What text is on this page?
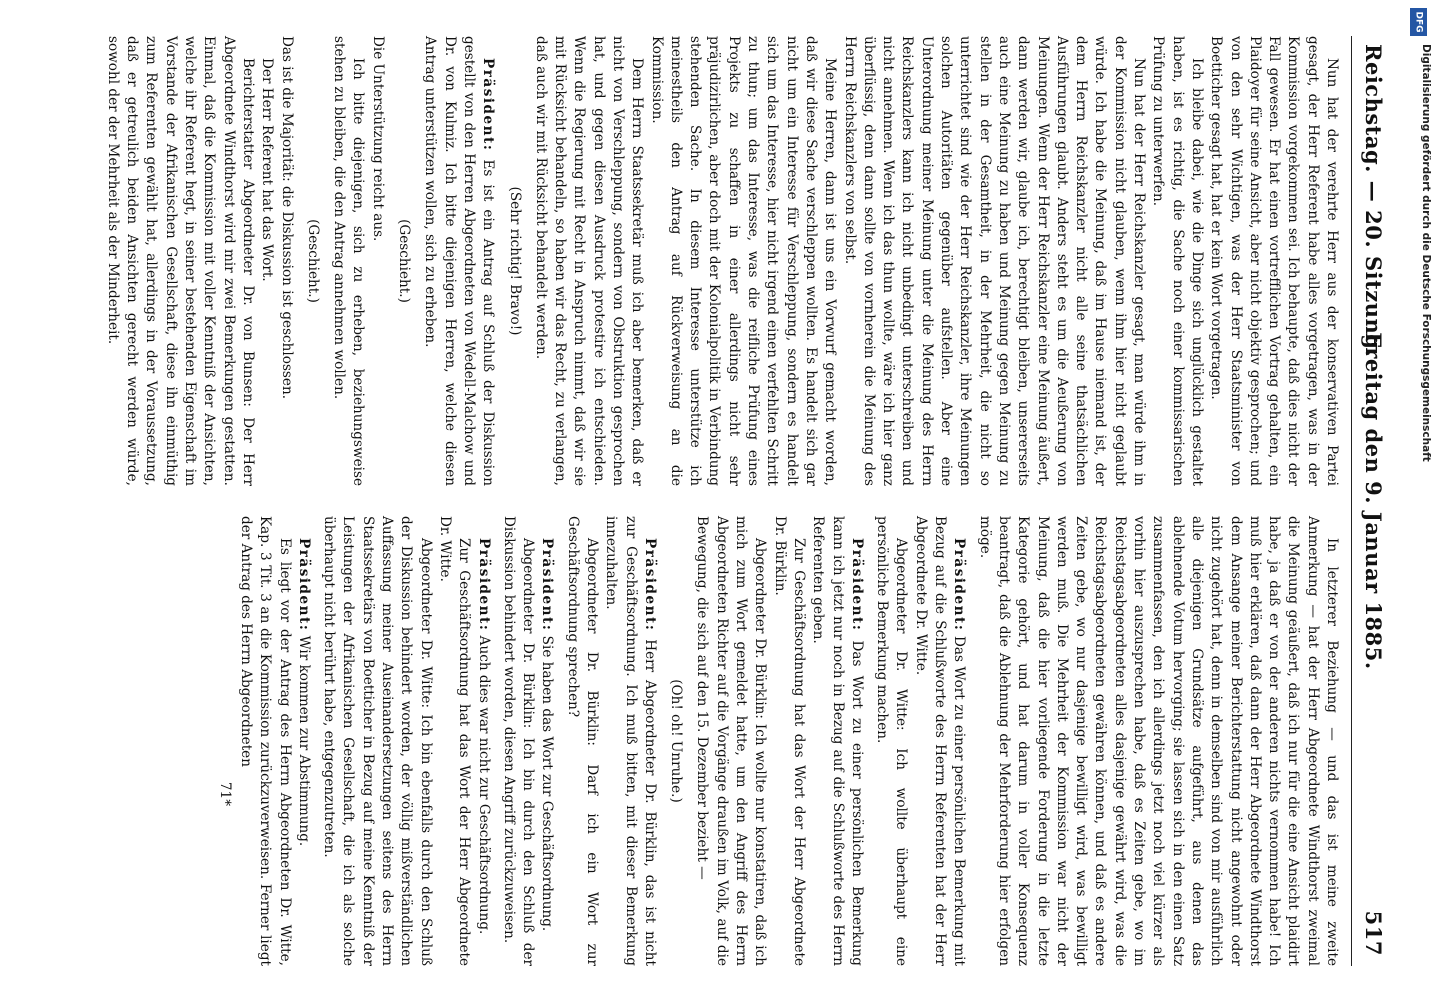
Reichstag. — 20. Sitzung.
Freitag den 9. Januar 1885.
517

Nun hat der verehrte Herr aus der konservativen Partei gesagt, der Herr Referent habe alles vorgetragen, was in der Kommission vorgekommen sei. Ich behaupte, daß dies nicht der Fall gewesen. Er hat einen vortrefflichen Vortrag gehalten, ein Plaidoyer für seine Ansicht, aber nicht objektiv gesprochen; und von den sehr Wichtigen, was der Herr Staatsminister von Boetticher gesagt hat, hat er kein Wort vorgetragen.

Ich bleibe dabei, wie die Dinge sich unglücklich gestaltet haben, ist es richtig, die Sache noch einer kommissarischen Prüfung zu unterwerfen.

Nun hat der Herr Reichskanzler gesagt, man würde ihm in der Kommission nicht glauben, wenn ihm hier nicht geglaubt würde. Ich habe die Meinung, daß im Hause niemand ist, der dem Herrn Reichskanzler nicht alle seine thatsächlichen Ausführungen glaubt. Anders steht es um die Aeußerung von Meinungen. Wenn der Herr Reichskanzler eine Meinung äußert, dann werden wir, glaube ich, berechtigt bleiben, unsererseits auch eine Meinung zu haben und Meinung gegen Meinung zu stellen in der Gesamtheit, in der Mehrheit, die nicht so unterrichtet sind wie der Herr Reichskanzler, ihre Meinungen solchen Autoritäten gegenüber aufstellen. Aber eine Unterordnung meiner Meinung unter die Meinung des Herrn Reichskanzlers kann ich nicht unbedingt unterschreiben und nicht annehmen. Wenn ich das thun wollte, wäre ich hier ganz überflüssig, denn dann sollte von vornherein die Meinung des Herrn Reichskanzlers von selbst.

Meine Herren, dann ist uns ein Vorwurf gemacht worden, daß wir diese Sache verschleppen wollten. Es handelt sich gar nicht um ein Interesse für Verschleppung, sondern es handelt sich um das Interesse, hier nicht irgend einen verfehlten Schritt zu thun; um das Interesse, was die reifliche Prüfung eines Projekts zu schaffen in einer allerdings nicht sehr präjudizirlichen, aber doch mit der Kolonialpolitik in Verbindung stehenden Sache. In diesem Interesse unterstütze ich meinestheils den Antrag auf Rückverweisung an die Kommission.

Dem Herrn Staatssekretär muß ich aber bemerken, daß er nicht von Verschleppung, sondern von Obstruktion gesprochen hat, und gegen diesen Ausdruck protestire ich entschieden. Wenn die Regierung mit Recht in Anspruch nimmt, daß wir sie mit Rücksicht behandeln, so haben wir das Recht, zu verlangen, daß auch wir mit Rücksicht behandelt werden.

(Sehr richtig! Bravo!)

Präsident: Es ist ein Antrag auf Schluß der Diskussion gestellt von den Herren Abgeordneten von Wedell-Malchow und Dr. von Kulmiz. Ich bitte diejenigen Herren, welche diesen Antrag unterstützen wollen, sich zu erheben.

(Geschieht.)

Die Unterstützung reicht aus.

Ich bitte diejenigen, sich zu erheben, beziehungsweise stehen zu bleiben, die den Antrag annehmen wollen.

(Geschieht.)

Das ist die Majorität: die Diskussion ist geschlossen.

Der Herr Referent hat das Wort.

Berichterstatter Abgeordneter Dr. von Bunsen: Der Herr Abgeordnete Windthorst wird mir zwei Bemerkungen gestatten. Einmal, daß die Kommission mit voller Kenntniß der Ansichten, welche ihr Referent hegt, in seiner bestehenden Eigenschaft im Vorstande der Afrikanischen Gesellschaft, diese ihn einmüthig zum Referenten gewählt hat, allerdings in der Voraussetzung, daß er getreulich beiden Ansichten gerecht werden würde, sowohl der der Mehrheit als der Minderheit.

In letzterer Beziehung — und das ist meine zweite Anmerkung — hat der Herr Abgeordnete Windthorst zweimal die Meinung geäußert, daß ich nur für die eine Ansicht plaidirt habe, ja daß er von der anderen nichts vernommen habe! Ich muß hier erklären, daß dann der Herr Abgeordnete Windthorst dem Ansange meiner Berichterstattung nicht angewohnt oder nicht zugehört hat, denn in demselben sind von mir ausführlich alle diejenigen Grundsätze aufgeführt, aus denen das ablehnende Votum hervorging; sie lassen sich in den einen Satz zusammenfassen, den ich allerdings jetzt noch viel kürzer als vorhin hier auszusprechen habe, daß es Zeiten gebe, wo im Reichstagsabgeordneten alles dasjenige gewährt wird, was die Reichstagsabgeordneten gewähren können, und daß es andere Zeiten gebe, wo nur dasjenige bewilligt wird, was bewilligt werden muß. Die Mehrheit der Kommission war nicht der Meinung, daß die hier vorliegende Forderung in die letzte Kategorie gehört, und hat darum in voller Konsequenz beantragt, daß die Ablehnung der Mehrforderung hier erfolgen möge.

Präsident: Das Wort zu einer persönlichen Bemerkung mit Bezug auf die Schlußworte des Herrn Referenten hat der Herr Abgeordnete Dr. Witte.

Abgeordneter Dr. Witte: Ich wollte überhaupt eine persönliche Bemerkung machen.

Präsident: Das Wort zu einer persönlichen Bemerkung kann ich jetzt nur noch in Bezug auf die Schlußworte des Herrn Referenten geben.

Zur Geschäftsordnung hat das Wort der Herr Abgeordnete Dr. Bürklin.

Abgeordneter Dr. Bürklin: Ich wollte nur konstatiren, daß ich mich zum Wort gemeldet hatte, um den Angriff des Herrn Abgeordneten Richter auf die Vorgänge draußen im Volk, auf die Bewegung, die sich auf den 15. Dezember bezieht —

(Oh! oh! Unruhe.)

Präsident: Herr Abgeordneter Dr. Bürklin, das ist nicht zur Geschäftsordnung. Ich muß bitten, mit dieser Bemerkung innezuhalten.

Abgeordneter Dr. Bürklin: Darf ich ein Wort zur Geschäftsordnung sprechen?

Präsident: Sie haben das Wort zur Geschäftsordnung.

Abgeordneter Dr. Bürklin: Ich bin durch den Schluß der Diskussion behindert worden, diesen Angriff zurückzuweisen.

Präsident: Auch dies war nicht zur Geschäftsordnung.

Zur Geschäftsordnung hat das Wort der Herr Abgeordnete Dr. Witte.

Abgeordneter Dr. Witte: Ich bin ebenfalls durch den Schluß der Diskussion behindert worden, der völlig mißverständlichen Auffassung meiner Auseinandersetzungen seitens des Herrn Staatssekretärs von Boetticher in Bezug auf meine Kenntniß der Leistungen der Afrikanischen Gesellschaft, die ich als solche überhaupt nicht berührt habe, entgegenzutreten.

Präsident: Wir kommen zur Abstimmung.

Es liegt vor der Antrag des Herrn Abgeordneten Dr. Witte, Kap. 3 Tit. 3 an die Kommission zurückzuverweisen. Ferner liegt der Antrag des Herrn Abgeordneten

71*
DFG
Digitalisierung gefördert durch die Deutsche Forschungsgemeinschaft
